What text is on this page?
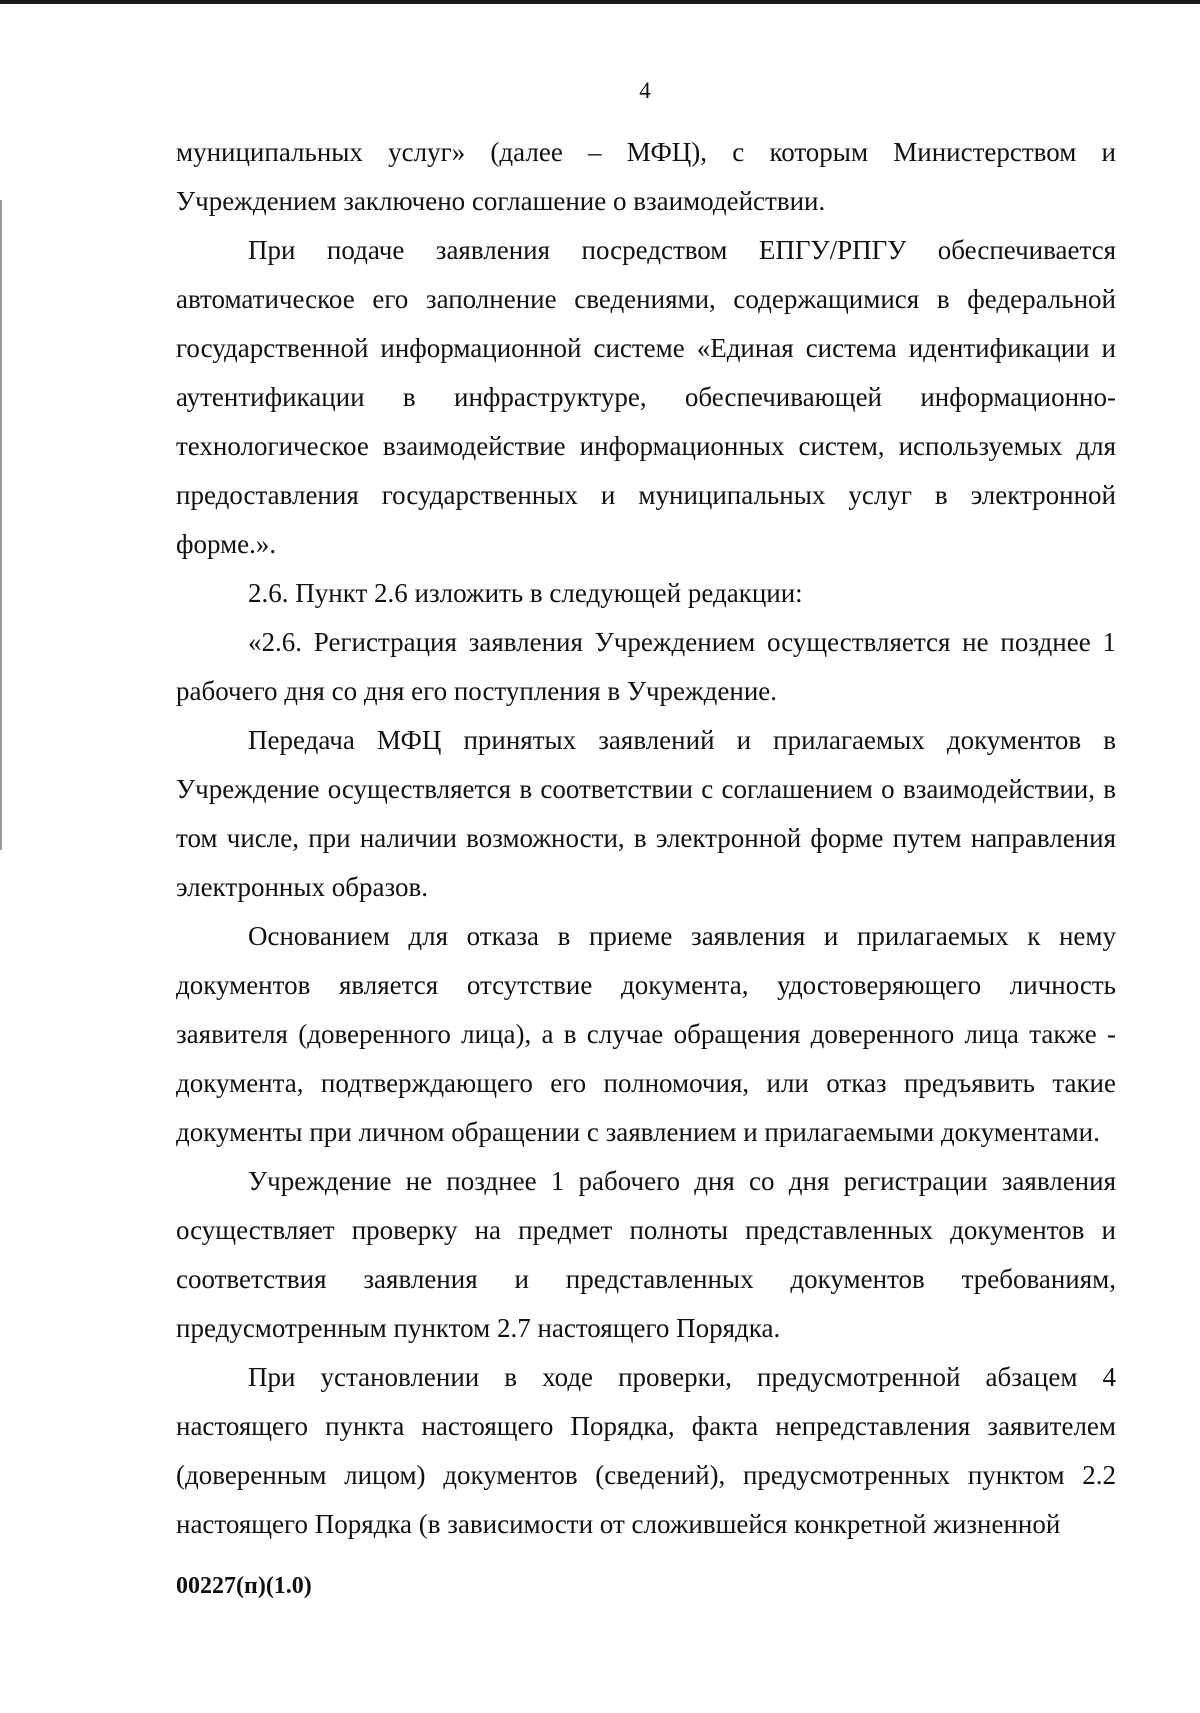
4

муниципальных услуг» (далее – МФЦ), с которым Министерством и Учреждением заключено соглашение о взаимодействии.

При подаче заявления посредством ЕПГУ/РПГУ обеспечивается автоматическое его заполнение сведениями, содержащимися в федеральной государственной информационной системе «Единая система идентификации и аутентификации в инфраструктуре, обеспечивающей информационно-технологическое взаимодействие информационных систем, используемых для предоставления государственных и муниципальных услуг в электронной форме.».

2.6. Пункт 2.6 изложить в следующей редакции:

«2.6. Регистрация заявления Учреждением осуществляется не позднее 1 рабочего дня со дня его поступления в Учреждение.

Передача МФЦ принятых заявлений и прилагаемых документов в Учреждение осуществляется в соответствии с соглашением о взаимодействии, в том числе, при наличии возможности, в электронной форме путем направления электронных образов.

Основанием для отказа в приеме заявления и прилагаемых к нему документов является отсутствие документа, удостоверяющего личность заявителя (доверенного лица), а в случае обращения доверенного лица также - документа, подтверждающего его полномочия, или отказ предъявить такие документы при личном обращении с заявлением и прилагаемыми документами.

Учреждение не позднее 1 рабочего дня со дня регистрации заявления осуществляет проверку на предмет полноты представленных документов и соответствия заявления и представленных документов требованиям, предусмотренным пунктом 2.7 настоящего Порядка.

При установлении в ходе проверки, предусмотренной абзацем 4 настоящего пункта настоящего Порядка, факта непредставления заявителем (доверенным лицом) документов (сведений), предусмотренных пунктом 2.2 настоящего Порядка (в зависимости от сложившейся конкретной жизненной

00227(п)(1.0)
